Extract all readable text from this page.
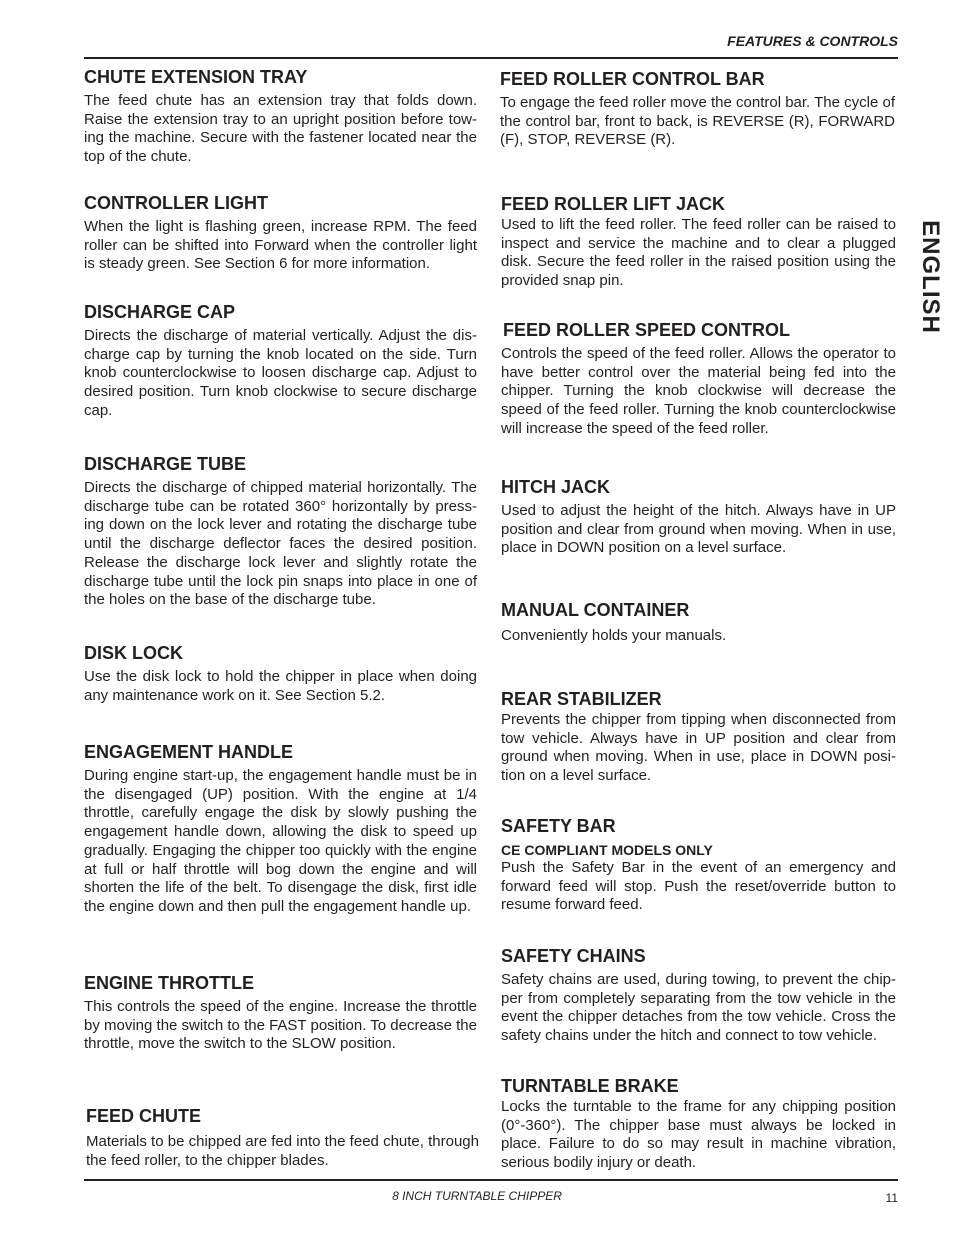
FEATURES & CONTROLS
ENGLISH
CHUTE EXTENSION TRAY

The feed chute has an extension tray that folds down. Raise the extension tray to an upright position before towing the machine. Secure with the fastener located near the top of the chute.

CONTROLLER LIGHT

When the light is flashing green, increase RPM. The feed roller can be shifted into Forward when the controller light is steady green. See Section 6 for more information.

DISCHARGE CAP

Directs the discharge of material vertically. Adjust the discharge cap by turning the knob located on the side. Turn knob counterclockwise to loosen discharge cap. Adjust to desired position. Turn knob clockwise to secure discharge cap.

DISCHARGE TUBE

Directs the discharge of chipped material horizontally. The discharge tube can be rotated 360° horizontally by pressing down on the lock lever and rotating the discharge tube until the discharge deflector faces the desired position. Release the discharge lock lever and slightly rotate the discharge tube until the lock pin snaps into place in one of the holes on the base of the discharge tube.

DISK LOCK

Use the disk lock to hold the chipper in place when doing any maintenance work on it. See Section 5.2.

ENGAGEMENT HANDLE

During engine start-up, the engagement handle must be in the disengaged (UP) position. With the engine at 1/4 throttle, carefully engage the disk by slowly pushing the engagement handle down, allowing the disk to speed up gradually. Engaging the chipper too quickly with the engine at full or half throttle will bog down the engine and will shorten the life of the belt. To disengage the disk, first idle the engine down and then pull the engagement handle up.

ENGINE THROTTLE

This controls the speed of the engine. Increase the throttle by moving the switch to the FAST position. To decrease the throttle, move the switch to the SLOW position.

FEED CHUTE

Materials to be chipped are fed into the feed chute, through the feed roller, to the chipper blades.

FEED ROLLER CONTROL BAR

To engage the feed roller move the control bar. The cycle of the control bar, front to back, is REVERSE (R), FORWARD (F), STOP, REVERSE (R).

FEED ROLLER LIFT JACK

Used to lift the feed roller. The feed roller can be raised to inspect and service the machine and to clear a plugged disk. Secure the feed roller in the raised position using the provided snap pin.

FEED ROLLER SPEED CONTROL

Controls the speed of the feed roller. Allows the operator to have better control over the material being fed into the chipper. Turning the knob clockwise will decrease the speed of the feed roller. Turning the knob counterclockwise will increase the speed of the feed roller.

HITCH JACK

Used to adjust the height of the hitch. Always have in UP position and clear from ground when moving. When in use, place in DOWN position on a level surface.

MANUAL CONTAINER

Conveniently holds your manuals.

REAR STABILIZER

Prevents the chipper from tipping when disconnected from tow vehicle. Always have in UP position and clear from ground when moving. When in use, place in DOWN position on a level surface.

SAFETY BAR
CE COMPLIANT MODELS ONLY

Push the Safety Bar in the event of an emergency and forward feed will stop. Push the reset/override button to resume forward feed.

SAFETY CHAINS

Safety chains are used, during towing, to prevent the chipper from completely separating from the tow vehicle in the event the chipper detaches from the tow vehicle. Cross the safety chains under the hitch and connect to tow vehicle.

TURNTABLE BRAKE

Locks the turntable to the frame for any chipping position (0°-360°). The chipper base must always be locked in place. Failure to do so may result in machine vibration, serious bodily injury or death.

8 INCH TURNTABLE CHIPPER	11
